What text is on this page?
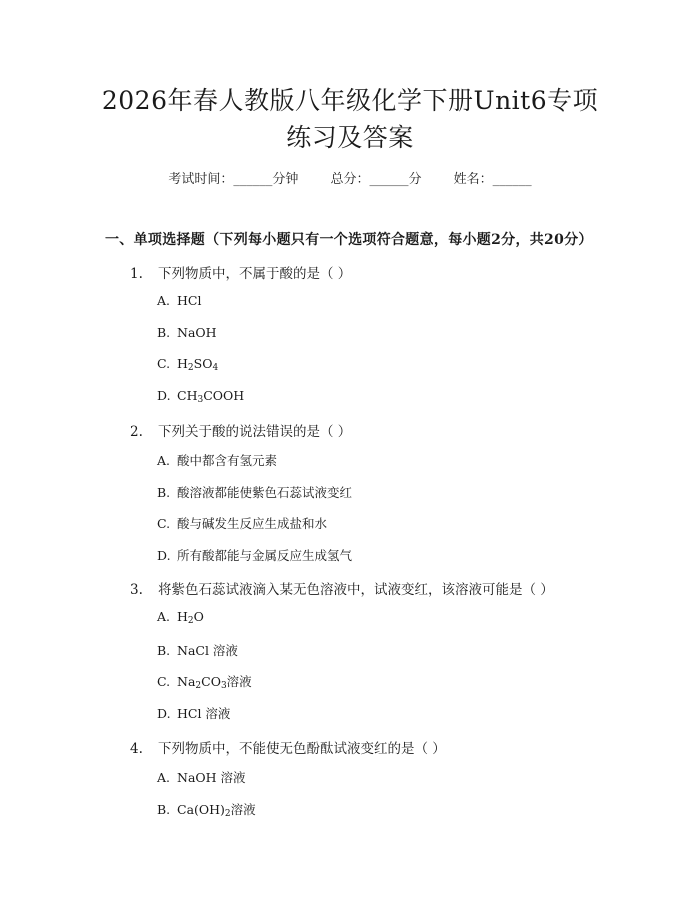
2026年春人教版八年级化学下册Unit6专项
练习及答案
考试时间：______分钟 总分：______分 姓名：______
一、单项选择题（下列每小题只有一个选项符合题意，每小题2分，共20分）
1. 下列物质中，不属于酸的是（ ）
A. HCl
B. NaOH
C. $H_2SO_4$
D. $CH_3COOH$
2. 下列关于酸的说法错误的是（ ）
A. 酸中都含有氢元素
B. 酸溶液都能使紫色石蕊试液变红
C. 酸与碱发生反应生成盐和水
D. 所有酸都能与金属反应生成氢气
3. 将紫色石蕊试液滴入某无色溶液中，试液变红，该溶液可能是（ ）
A. $H_2O$
B. NaCl 溶液
C. $Na_2CO_3$溶液
D. HCl 溶液
4. 下列物质中，不能使无色酚酞试液变红的是（ ）
A. NaOH 溶液
B. $Ca(OH)_2$溶液
